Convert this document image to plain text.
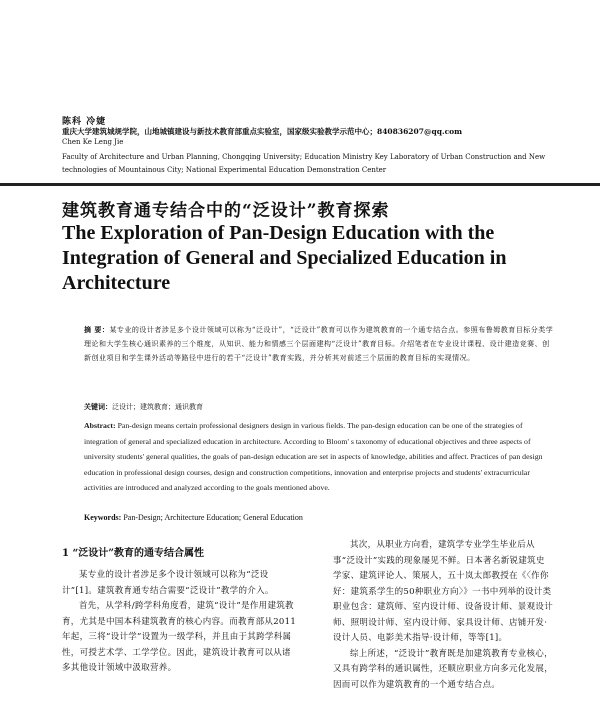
陈科 冷婕
重庆大学建筑城规学院，山地城镇建设与新技术教育部重点实验室，国家级实验教学示范中心；840836207@qq.com
Chen Ke Leng Jie
Faculty of Architecture and Urban Planning, Chongqing University; Education Ministry Key Laboratory of Urban Construction and New technologies of Mountainous City; National Experimental Education Demonstration Center
建筑教育通专结合中的“泛设计”教育探索
The Exploration of Pan-Design Education with the Integration of General and Specialized Education in Architecture
摘 要：某专业的设计者涉足多个设计领域可以称为“泛设计”，“泛设计”教育可以作为建筑教育的一个通专结合点。参照布鲁姆教育目标分类学理论和大学生核心通识素养的三个维度，从知识、能力和情感三个层面建构“泛设计”教育目标。介绍笔者在专业设计课程、设计建造竞赛、创新创业项目和学生课外活动等路径中进行的若干“泛设计”教育实践，并分析其对前述三个层面的教育目标的实现情况。
关键词：泛设计；建筑教育；通识教育
Abstract: Pan-design means certain professional designers design in various fields. The pan-design education can be one of the strategies of integration of general and specialized education in architecture. According to Bloom' s taxonomy of educational objectives and three aspects of university students' general qualities, the goals of pan-design education are set in aspects of knowledge, abilities and affect. Practices of pan design education in professional design courses, design and construction competitions, innovation and enterprise projects and students' extracurricular activities are introduced and analyzed according to the goals mentioned above.
Keywords: Pan-Design; Architecture Education; General Education
1 “泛设计”教育的通专结合属性

某专业的设计者涉足多个设计领域可以称为“泛设计”[1]。建筑教育通专结合需要“泛设计”教学的介入。

首先，从学科/跨学科角度看，建筑“设计”是作用建筑教育，尤其是中国本科建筑教育的核心内容。而教育部从2011年起，三将“设计学”设置为一级学科，并且由于其跨学科属性，可授艺术学、工学学位。因此，建筑设计教育可以从诸多其他设计领域中汲取营养。

其次，从职业方向看，建筑学专业学生毕业后从事“泛设计”实践的现象屡见不鲜。日本著名新锐建筑史学家、建筑评论人、策展人，五十岚太郎教授在《〈作你好：建筑系学生的50种职业方向〉》一书中列举的设计类职业包含：建筑师、室内设计师、设备设计师、景观设计师、照明设计师、室内设计师、家具设计师、店铺开发·设计人员、电影美术指导·设计师，等等[1]。

综上所述，“泛设计”教育既是加建筑教育专业核心，又具有跨学科的通识属性，还顺应职业方向多元化发展，因而可以作为建筑教育的一个通专结合点。
